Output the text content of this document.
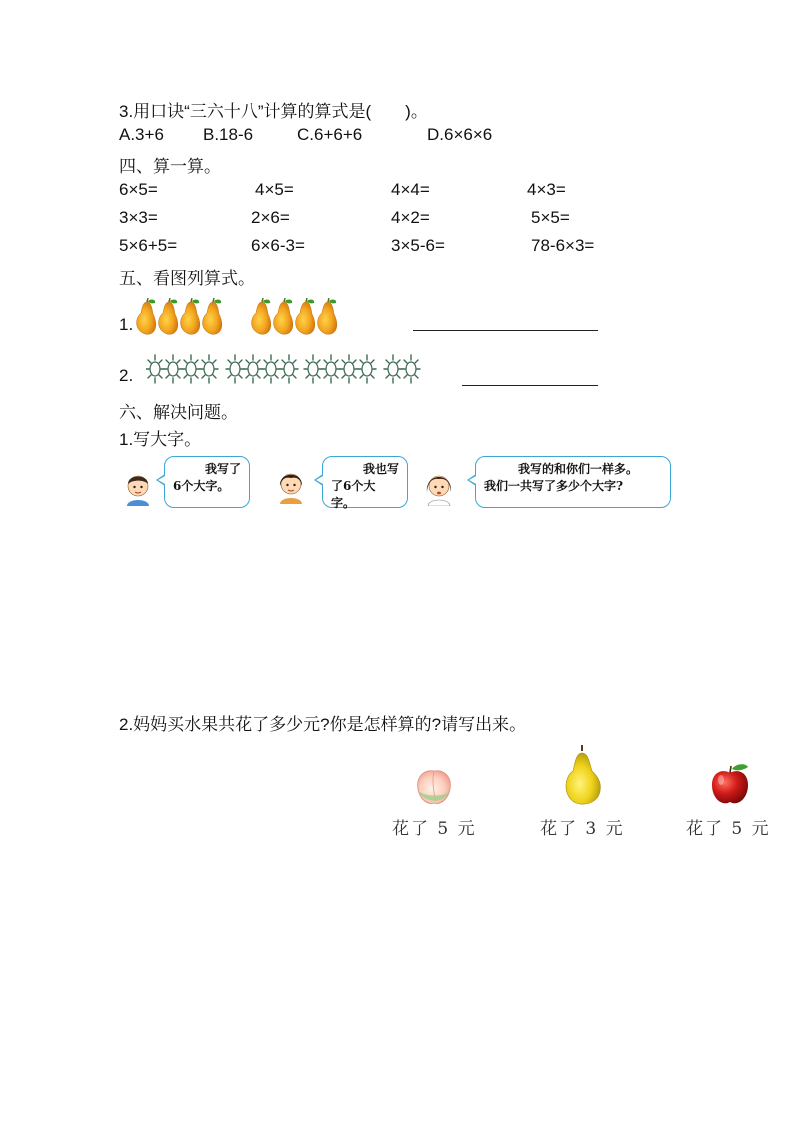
3.用口诀“三六十八”计算的算式是(　　)。
A.3+6 B.18-6	C.6+6+6	D.6×6×6
四、算一算。
6×5=	4×5=	4×4=	4×3=
3×3=	2×6=	4×2=	5×5=
5×6+5=	6×6-3=	3×5-6=	78-6×3=
五、看图列算式。
1.
2.
六、解决问题。
1.写大字。
我写了
6个大字。
我也写
了6个大字。
我写的和你们一样多。
我们一共写了多少个大字?
2.妈妈买水果共花了多少元?你是怎样算的?请写出来。
花了 5 元	花了 3 元	花了 5 元
